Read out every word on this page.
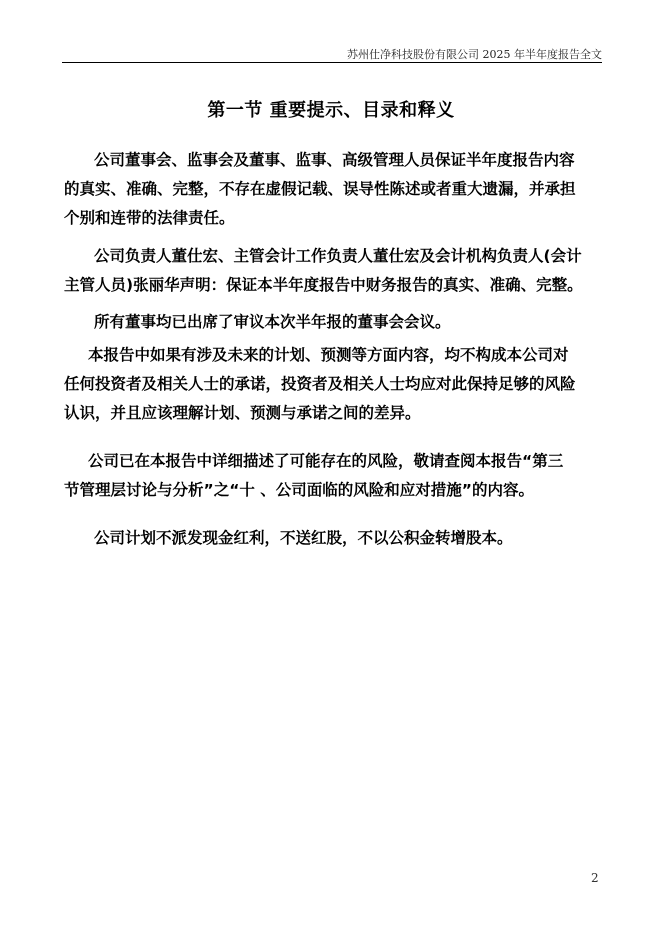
苏州仕净科技股份有限公司 2025 年半年度报告全文
第一节 重要提示、目录和释义
公司董事会、监事会及董事、监事、高级管理人员保证半年度报告内容
的真实、准确、完整，不存在虚假记载、误导性陈述或者重大遗漏，并承担
个别和连带的法律责任。
公司负责人董仕宏、主管会计工作负责人董仕宏及会计机构负责人(会计
主管人员)张丽华声明：保证本半年度报告中财务报告的真实、准确、完整。
所有董事均已出席了审议本次半年报的董事会会议。
本报告中如果有涉及未来的计划、预测等方面内容，均不构成本公司对
任何投资者及相关人士的承诺，投资者及相关人士均应对此保持足够的风险
认识，并且应该理解计划、预测与承诺之间的差异。
公司已在本报告中详细描述了可能存在的风险，敬请查阅本报告“第三
节管理层讨论与分析”之“十 、公司面临的风险和应对措施”的内容。
公司计划不派发现金红利，不送红股，不以公积金转增股本。
2
